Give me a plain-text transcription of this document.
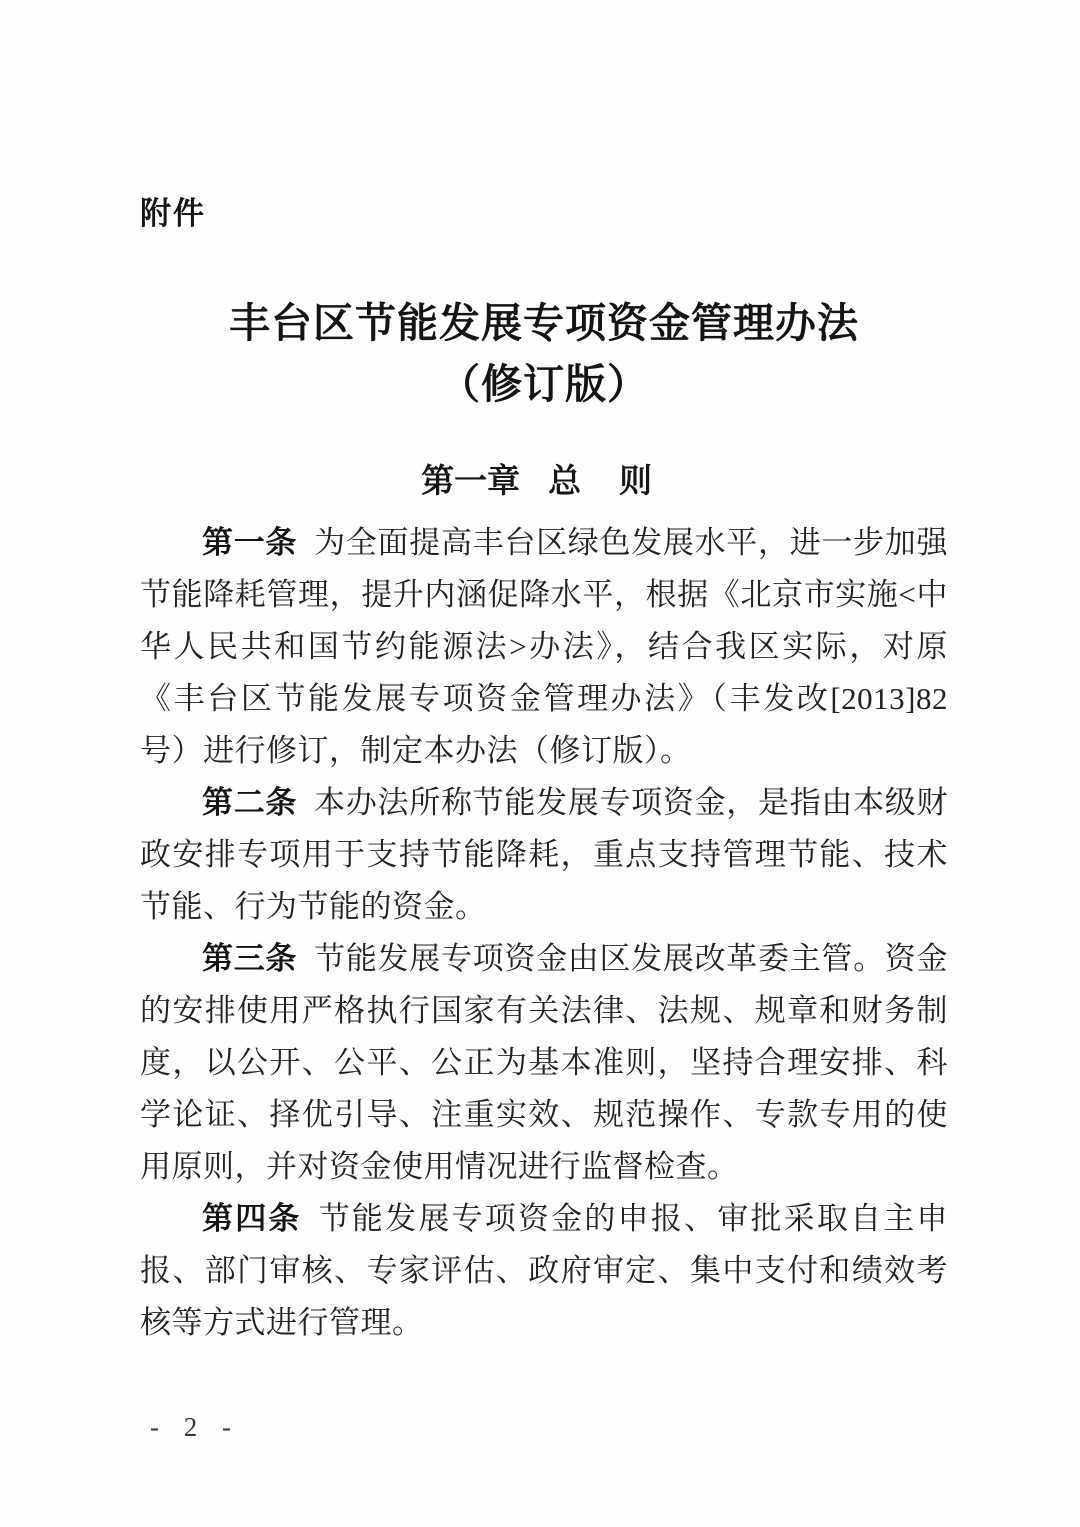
附件
丰台区节能发展专项资金管理办法
（修订版）
第一章 总 则

第一条 为全面提高丰台区绿色发展水平，进一步加强节能降耗管理，提升内涵促降水平，根据《北京市实施<中华人民共和国节约能源法>办法》，结合我区实际，对原《丰台区节能发展专项资金管理办法》（丰发改[2013]82 号）进行修订，制定本办法（修订版）。

第二条 本办法所称节能发展专项资金，是指由本级财政安排专项用于支持节能降耗，重点支持管理节能、技术节能、行为节能的资金。

第三条 节能发展专项资金由区发展改革委主管。资金的安排使用严格执行国家有关法律、法规、规章和财务制度，以公开、公平、公正为基本准则，坚持合理安排、科学论证、择优引导、注重实效、规范操作、专款专用的使用原则，并对资金使用情况进行监督检查。

第四条 节能发展专项资金的申报、审批采取自主申报、部门审核、专家评估、政府审定、集中支付和绩效考核等方式进行管理。

- 2 -
